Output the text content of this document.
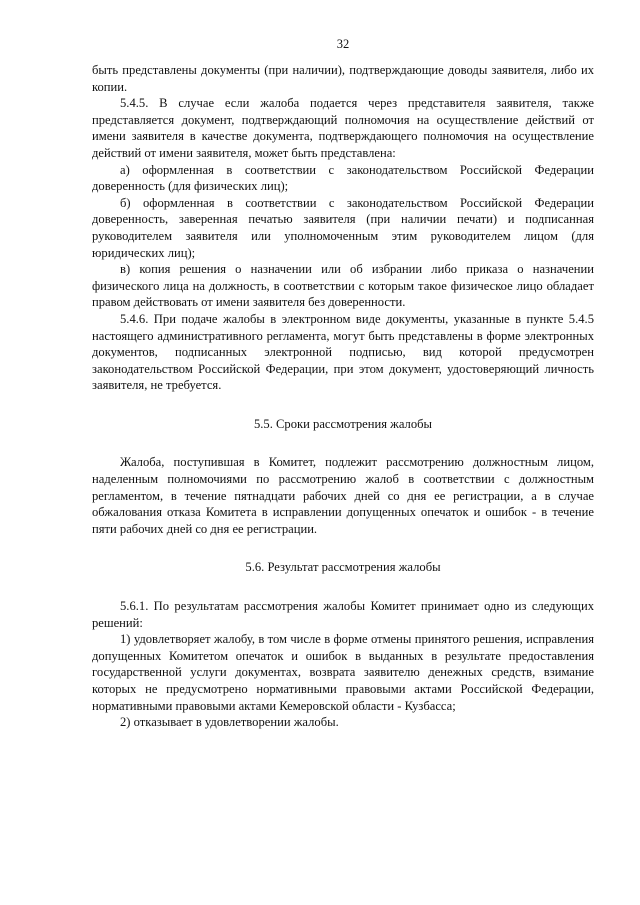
32

быть представлены документы (при наличии), подтверждающие доводы заявителя, либо их копии.

5.4.5. В случае если жалоба подается через представителя заявителя, также представляется документ, подтверждающий полномочия на осуществление действий от имени заявителя в качестве документа, подтверждающего полномочия на осуществление действий от имени заявителя, может быть представлена:

а) оформленная в соответствии с законодательством Российской Федерации доверенность (для физических лиц);

б) оформленная в соответствии с законодательством Российской Федерации доверенность, заверенная печатью заявителя (при наличии печати) и подписанная руководителем заявителя или уполномоченным этим руководителем лицом (для юридических лиц);

в) копия решения о назначении или об избрании либо приказа о назначении физического лица на должность, в соответствии с которым такое физическое лицо обладает правом действовать от имени заявителя без доверенности.

5.4.6. При подаче жалобы в электронном виде документы, указанные в пункте 5.4.5 настоящего административного регламента, могут быть представлены в форме электронных документов, подписанных электронной подписью, вид которой предусмотрен законодательством Российской Федерации, при этом документ, удостоверяющий личность заявителя, не требуется.

5.5. Сроки рассмотрения жалобы

Жалоба, поступившая в Комитет, подлежит рассмотрению должностным лицом, наделенным полномочиями по рассмотрению жалоб в соответствии с должностным регламентом, в течение пятнадцати рабочих дней со дня ее регистрации, а в случае обжалования отказа Комитета в исправлении допущенных опечаток и ошибок - в течение пяти рабочих дней со дня ее регистрации.

5.6. Результат рассмотрения жалобы

5.6.1. По результатам рассмотрения жалобы Комитет принимает одно из следующих решений:

1) удовлетворяет жалобу, в том числе в форме отмены принятого решения, исправления допущенных Комитетом опечаток и ошибок в выданных в результате предоставления государственной услуги документах, возврата заявителю денежных средств, взимание которых не предусмотрено нормативными правовыми актами Российской Федерации, нормативными правовыми актами Кемеровской области - Кузбасса;

2) отказывает в удовлетворении жалобы.
